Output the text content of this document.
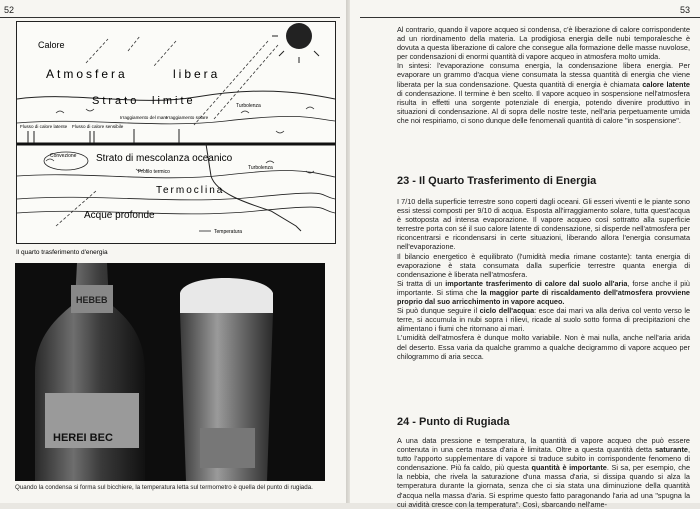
52
Calore
Atmosfera	libera
Strato limite	Turbolenza
Flusso di calore latente Flusso di calore sensibile
Irraggiamento del mare
Irraggiamento solare
Convezione Strato di mescolanza oceanico
Turbolenza
Profilo termico
Termoclina
Acque profonde
Temperatura
Il quarto trasferimento d'energia
HEBEB
HEREI BEC
Quando la condensa si forma sul bicchiere, la temperatura letta sul termometro è quella del punto di rugiada.
53

Al contrario, quando il vapore acqueo si condensa, c'è liberazione di calore corrispondente ad un riordinamento della materia. La prodigiosa energia delle nubi temporalesche è dovuta a questa liberazione di calore che consegue alla formazione delle masse nuvolose, per condensazioni di enormi quantità di vapore acqueo in atmosfera molto umida.

In sintesi: l'evaporazione consuma energia, la condensazione libera energia. Per evaporare un grammo d'acqua viene consumata la stessa quantità di energia che viene liberata per la sua condensazione. Questa quantità di energia è chiamata calore latente di condensazione. Il termine è ben scelto. Il vapore acqueo in sospensione nell'atmosfera risulta in effetti una sorgente potenziale di energia, potendo divenire produttivo in situazioni di condensazione. Al di sopra delle nostre teste, nell'aria perpetuamente umida che noi respiriamo, ci sono dunque delle fenomenali quantità di calore "in sospensione".

23 - Il Quarto Trasferimento di Energia

I 7/10 della superficie terrestre sono coperti dagli oceani. Gli esseri viventi e le piante sono essi stessi composti per 9/10 di acqua. Esposta all'irraggiamento solare, tutta quest'acqua è sottoposta ad intensa evaporazione. Il vapore acqueo così sottratto alla superficie terrestre porta con sé il suo calore latente di condensazione, si disperde nell'atmosfera per riconcentrarsi e ricondensarsi in certe situazioni, liberando allora l'energia consumata nell'evaporazione.

Il bilancio energetico è equilibrato (l'umidità media rimane costante): tanta energia di evaporazione è stata consumata dalla superficie terrestre quanta energia di condensazione è liberata nell'atmosfera.

Si tratta di un importante trasferimento di calore dal suolo all'aria, forse anche il più importante. Si stima che la maggior parte di riscaldamento dell'atmosfera provviene proprio dal suo arricchimento in vapore acqueo.

Si può dunque seguire il ciclo dell'acqua: esce dai mari va alla deriva col vento verso le terre, si accumula in nubi sopra i rilievi, ricade al suolo sotto forma di precipitazioni che alimentano i fiumi che ritornano ai mari.

L'umidità dell'atmosfera è dunque molto variabile. Non è mai nulla, anche nell'aria arida del deserto. Essa varia da qualche grammo a qualche decigrammo di vapore acqueo per chilogrammo di aria secca.

24 - Punto di Rugiada

A una data pressione e temperatura, la quantità di vapore acqueo che può essere contenuta in una certa massa d'aria è limitata. Oltre a questa quantità detta saturante, tutto l'apporto supplementare di vapore si traduce subito in corrispondente fenomeno di condensazione. Più fa caldo, più questa quantità è importante. Si sa, per esempio, che la nebbia, che rivela la saturazione d'una massa d'aria, si dissipa quando si alza la temperatura durante la giornata, senza che ci sia stata una diminuzione della quantità d'acqua nella massa d'aria. Si esprime questo fatto paragonando l'aria ad una "spugna la cui avidità cresce con la temperatura". Così, sbarcando nell'ame-
